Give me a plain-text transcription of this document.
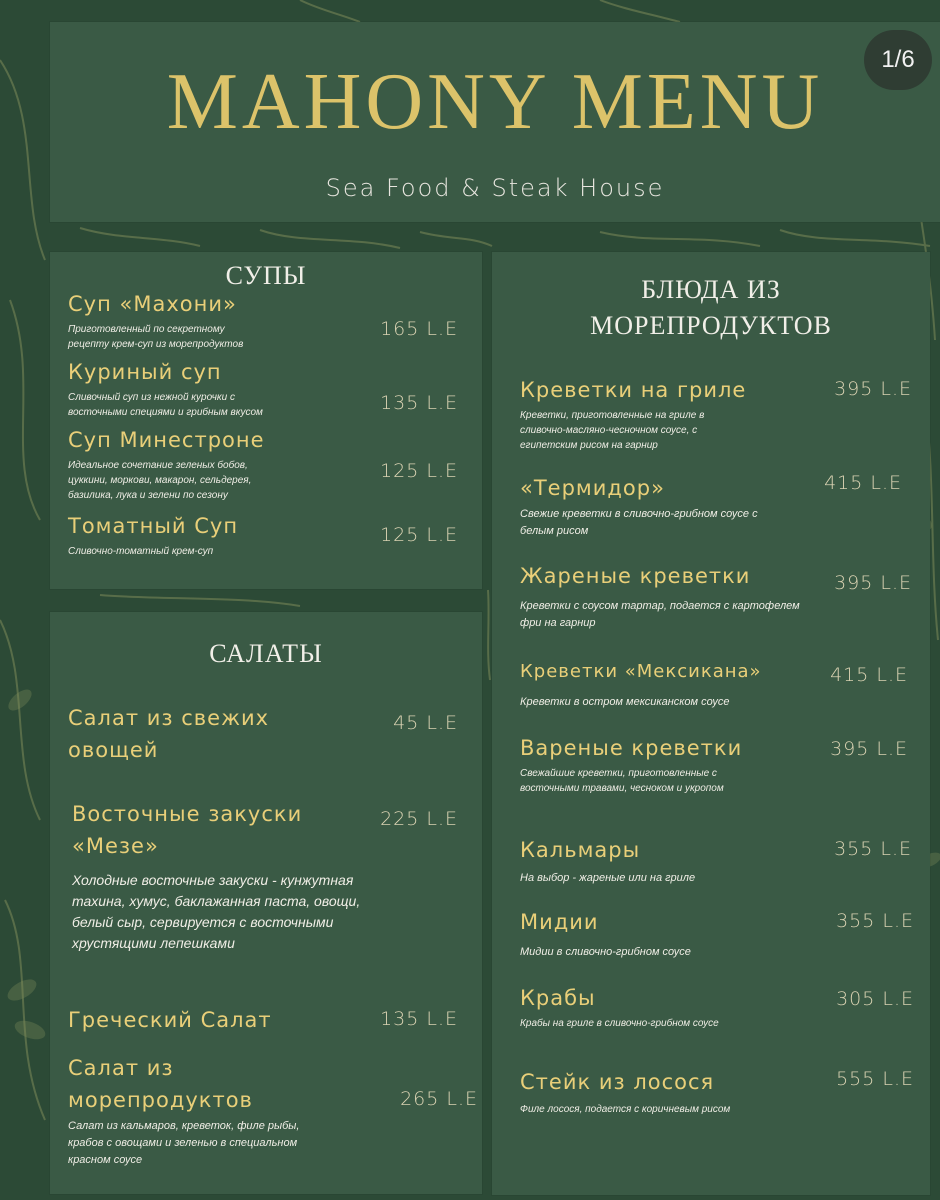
MAHONY MENU
Sea Food & Steak House
1/6
СУПЫ
Суп «Махони»
Приготовленный по секретному рецепту крем-суп из морепродуктов
165 L.E
Куриный суп
Сливочный суп из нежной курочки с восточными специями и грибным вкусом	135 L.E
Суп Минестроне
Идеальное сочетание зеленых бобов, цуккини, моркови, макарон, сельдерея, базилика, лука и зелени по сезону
125 L.E
Томатный Суп
Сливочно-томатный крем-суп
125 L.E
САЛАТЫ
Салат из свежих овощей
45 L.E
Восточные закуски «Мезе»
Холодные восточные закуски - кунжутная тахина, хумус, баклажанная паста, овощи, белый сыр, сервируется с восточными хрустящими лепешками
225 L.E
Греческий Салат	135 L.E
Салат из морепродуктов
Салат из кальмаров, креветок, филе рыбы, крабов с овощами и зеленью в специальном красном соусе
265 L.E
БЛЮДА ИЗ
МОРЕПРОДУКТОВ
Креветки на гриле
Креветки, приготовленные на гриле в сливочно-масляно-чесночном соусе, с египетским рисом на гарнир
395 L.E
«Термидор»
Свежие креветки в сливочно-грибном соусе с белым рисом
415 L.E
Жареные креветки
Креветки с соусом тартар, подается с картофелем фри на гарнир
395 L.E
Креветки «Мексикана»
Креветки в остром мексиканском соусе
415 L.E
Вареные креветки
Свежайшие креветки, приготовленные с восточными травами, чесноком и укропом
395 L.E
Кальмары
На выбор - жареные или на гриле
355 L.E
Мидии
Мидии в сливочно-грибном соусе
355 L.E
Крабы
Крабы на гриле в сливочно-грибном соусе
305 L.E
Стейк из лосося
Филе лосося, подается с коричневым рисом
555 L.E
